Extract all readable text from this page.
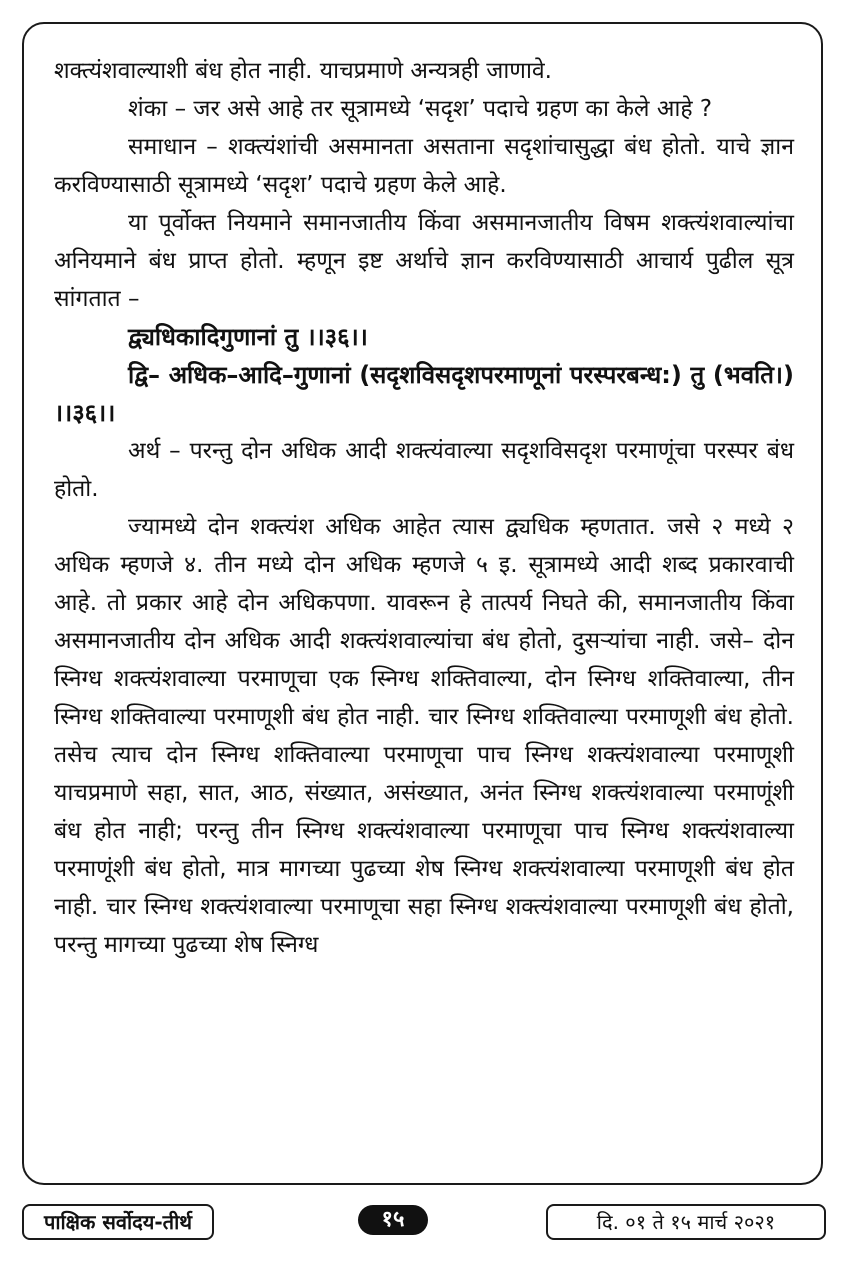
शक्त्यंशवाल्याशी बंध होत नाही. याचप्रमाणे अन्यत्रही जाणावे.

शंका – जर असे आहे तर सूत्रामध्ये ‘सदृश’ पदाचे ग्रहण का केले आहे ?

समाधान – शक्त्यंशांची असमानता असताना सदृशांचासुद्धा बंध होतो. याचे ज्ञान करविण्यासाठी सूत्रामध्ये ‘सदृश’ पदाचे ग्रहण केले आहे.

या पूर्वोक्त नियमाने समानजातीय किंवा असमानजातीय विषम शक्त्यंशवाल्यांचा अनियमाने बंध प्राप्त होतो. म्हणून इष्ट अर्थाचे ज्ञान करविण्यासाठी आचार्य पुढील सूत्र सांगतात –

द्व्यधिकादिगुणानां तु ।।३६।।

द्वि– अधिक–आदि–गुणानां (सदृशविसदृशपरमाणूनां परस्परबन्ध:) तु (भवति।) ।।३६।।

अर्थ – परन्तु दोन अधिक आदी शक्त्यंवाल्या सदृशविसदृश परमाणूंचा परस्पर बंध होतो.

ज्यामध्ये दोन शक्त्यंश अधिक आहेत त्यास द्व्यधिक म्हणतात. जसे २ मध्ये २ अधिक म्हणजे ४. तीन मध्ये दोन अधिक म्हणजे ५ इ. सूत्रामध्ये आदी शब्द प्रकारवाची आहे. तो प्रकार आहे दोन अधिकपणा. यावरून हे तात्पर्य निघते की, समानजातीय किंवा असमानजातीय दोन अधिक आदी शक्त्यंशवाल्यांचा बंध होतो, दुसऱ्यांचा नाही. जसे– दोन स्निग्ध शक्त्यंशवाल्या परमाणूचा एक स्निग्ध शक्तिवाल्या, दोन स्निग्ध शक्तिवाल्या, तीन स्निग्ध शक्तिवाल्या परमाणूशी बंध होत नाही. चार स्निग्ध शक्तिवाल्या परमाणूशी बंध होतो. तसेच त्याच दोन स्निग्ध शक्तिवाल्या परमाणूचा पाच स्निग्ध शक्त्यंशवाल्या परमाणूशी याचप्रमाणे सहा, सात, आठ, संख्यात, असंख्यात, अनंत स्निग्ध शक्त्यंशवाल्या परमाणूंशी बंध होत नाही; परन्तु तीन स्निग्ध शक्त्यंशवाल्या परमाणूचा पाच स्निग्ध शक्त्यंशवाल्या परमाणूंशी बंध होतो, मात्र मागच्या पुढच्या शेष स्निग्ध शक्त्यंशवाल्या परमाणूशी बंध होत नाही. चार स्निग्ध शक्त्यंशवाल्या परमाणूचा सहा स्निग्ध शक्त्यंशवाल्या परमाणूशी बंध होतो, परन्तु मागच्या पुढच्या शेष स्निग्ध

पाक्षिक सर्वोदय-तीर्थ	१५	दि. ०१ ते १५ मार्च २०२१
